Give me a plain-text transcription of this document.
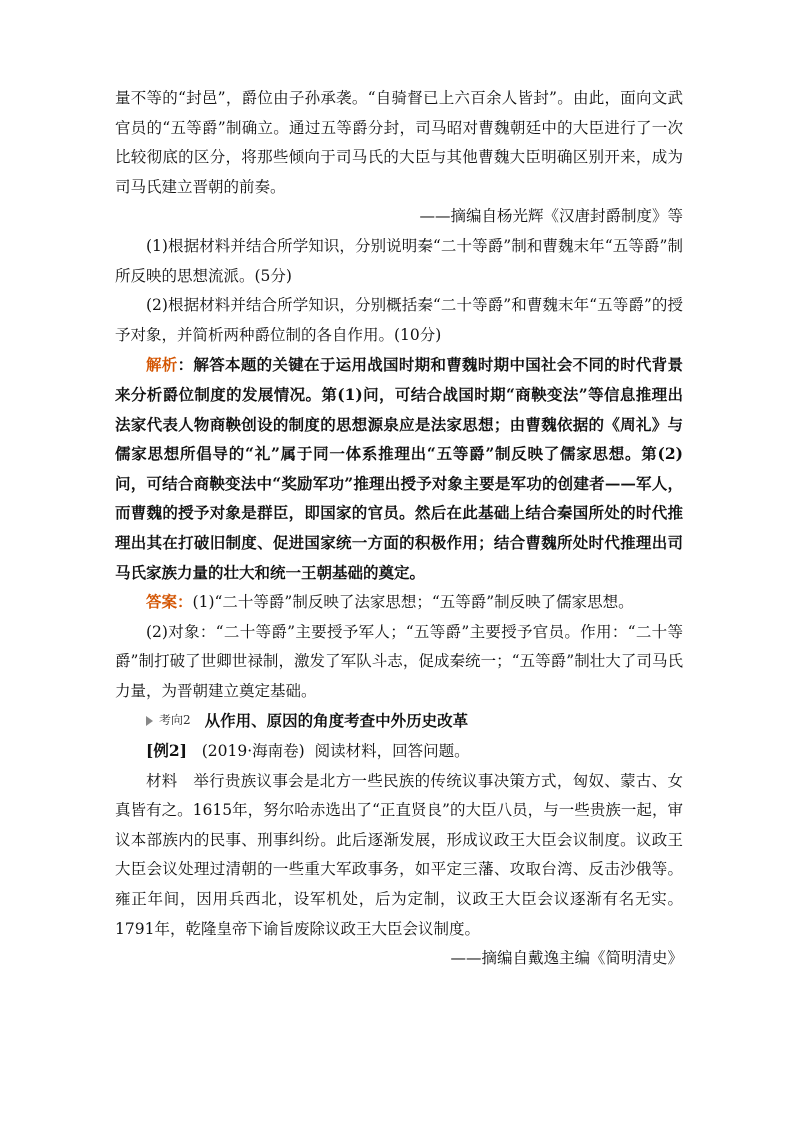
量不等的“封邑”，爵位由子孙承袭。“自骑督已上六百余人皆封”。由此，面向文武官员的“五等爵”制确立。通过五等爵分封，司马昭对曹魏朝廷中的大臣进行了一次比较彻底的区分，将那些倾向于司马氏的大臣与其他曹魏大臣明确区别开来，成为司马氏建立晋朝的前奏。

——摘编自杨光辉《汉唐封爵制度》等

(1)根据材料并结合所学知识，分别说明秦“二十等爵”制和曹魏末年“五等爵”制所反映的思想流派。(5分)

(2)根据材料并结合所学知识，分别概括秦“二十等爵”和曹魏末年“五等爵”的授予对象，并简析两种爵位制的各自作用。(10分)

解析：解答本题的关键在于运用战国时期和曹魏时期中国社会不同的时代背景来分析爵位制度的发展情况。第(1)问，可结合战国时期“商鞅变法”等信息推理出法家代表人物商鞅创设的制度的思想源泉应是法家思想；由曹魏依据的《周礼》与儒家思想所倡导的“礼”属于同一体系推理出“五等爵”制反映了儒家思想。第(2)问，可结合商鞅变法中“奖励军功”推理出授予对象主要是军功的创建者——军人，而曹魏的授予对象是群臣，即国家的官员。然后在此基础上结合秦国所处的时代推理出其在打破旧制度、促进国家统一方面的积极作用；结合曹魏所处时代推理出司马氏家族力量的壮大和统一王朝基础的奠定。

答案：(1)“二十等爵”制反映了法家思想；“五等爵”制反映了儒家思想。

(2)对象：“二十等爵”主要授予军人；“五等爵”主要授予官员。作用：“二十等爵”制打破了世卿世禄制，激发了军队斗志，促成秦统一；“五等爵”制壮大了司马氏力量，为晋朝建立奠定基础。

考向2 从作用、原因的角度考查中外历史改革

[例2] (2019·海南卷) 阅读材料，回答问题。

材料 举行贵族议事会是北方一些民族的传统议事决策方式，匈奴、蒙古、女真皆有之。1615年，努尔哈赤选出了“正直贤良”的大臣八员，与一些贵族一起，审议本部族内的民事、刑事纠纷。此后逐渐发展，形成议政王大臣会议制度。议政王大臣会议处理过清朝的一些重大军政事务，如平定三藩、攻取台湾、反击沙俄等。雍正年间，因用兵西北，设军机处，后为定制，议政王大臣会议逐渐有名无实。1791年，乾隆皇帝下谕旨废除议政王大臣会议制度。

——摘编自戴逸主编《简明清史》
